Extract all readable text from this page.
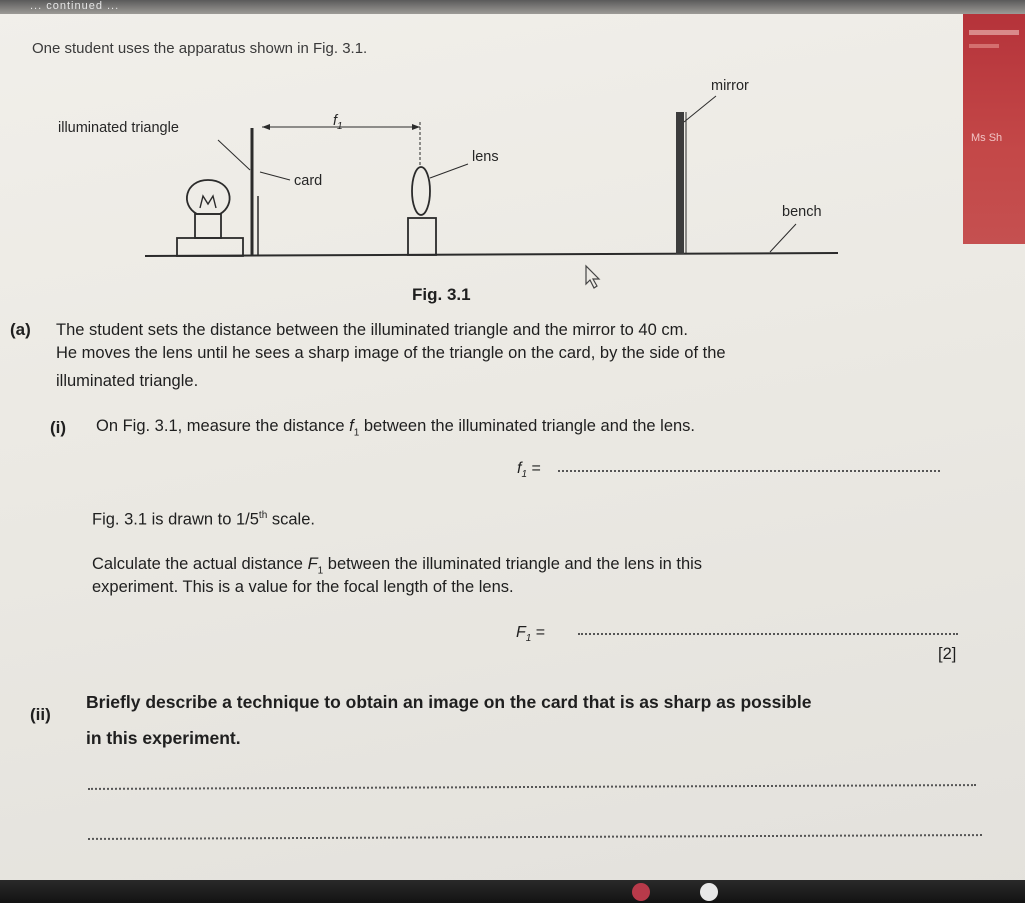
... continued ...
Ms Sh
One student uses the apparatus shown in Fig. 3.1.
illuminated triangle	$f_1$
card
lens
mirror
bench
Fig. 3.1
(a) The student sets the distance between the illuminated triangle and the mirror to 40 cm.
He moves the lens until he sees a sharp image of the triangle on the card, by the side of the
illuminated triangle.
(i) On Fig. 3.1, measure the distance $f_1$ between the illuminated triangle and the lens.
$f_1$ =
Fig. 3.1 is drawn to 1/5th scale.
Calculate the actual distance $F_1$ between the illuminated triangle and the lens in this
experiment. This is a value for the focal length of the lens.
$F_1$ =
[2]
(ii)
Briefly describe a technique to obtain an image on the card that is as sharp as possible
in this experiment.
